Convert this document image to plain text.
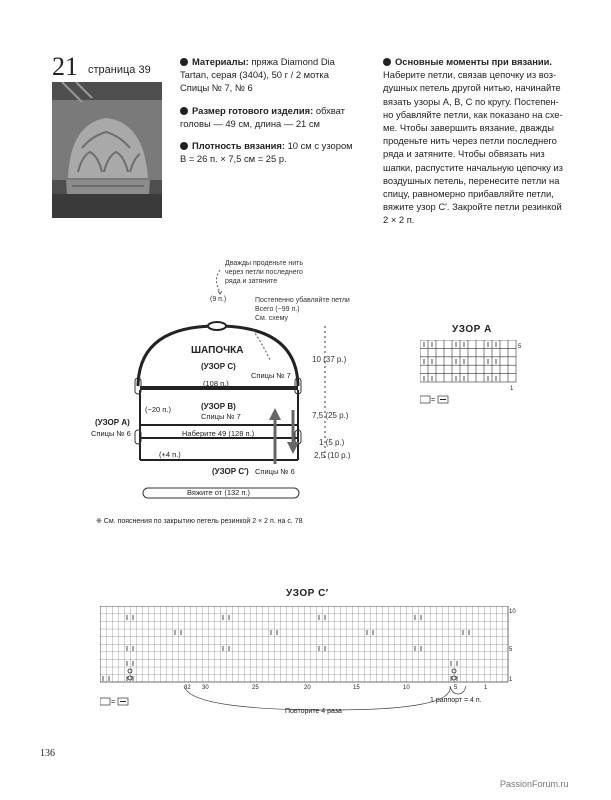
21 страница 39

Материалы: пряжа Diamond Dia Tartan, серая (3404), 50 г / 2 мотка Спицы № 7, № 6

Размер готового изделия: обхват головы — 49 см, длина — 21 см

Плотность вязания: 10 см с узором В = 26 п. × 7,5 см = 25 р.

Основные моменты при вязании. Наберите петли, связав цепочку из воздушных петель другой нитью, начинайте вязать узоры А, В, С по кругу. Постепенно убавляйте петли, как показано на схеме. Чтобы завершить вязание, дважды проденьте нить через петли последнего ряда и затяните. Чтобы обвязать низ шапки, распустите начальную цепочку из воздушных петель, перенесите петли на спицу, равномерно прибавляйте петли, вяжите узор С′. Закройте петли резинкой 2 × 2 п.

Дважды проденьте нить
через петли последнего
ряда и затяните
(9 п.)	Постепенно убавляйте петли
Всего (−99 п.)
См. схему
10 (37 р.)
7,5 (25 р.)
1 (5 р.)
2,5 (10 р.)
ШАПОЧКА
(УЗОР С)
Спицы № 7
(108 п.)
(−20 п.)	(УЗОР В)
Спицы № 7
(УЗОР А)
Спицы № 6	Наберите 49 (128 п.)
(+4 п.)
(УЗОР С′) Спицы № 6
Вяжите от (132 п.)
※ См. пояснения по закрытию петель резинкой 2 × 2 п. на с. 78
УЗОР А
5
1
=
УЗОР С′
10
5
1
32 30	25	20	15	10	5	1
Повторите 4 раза
1 раппорт = 4 п.
=
136
PassionForum.ru
